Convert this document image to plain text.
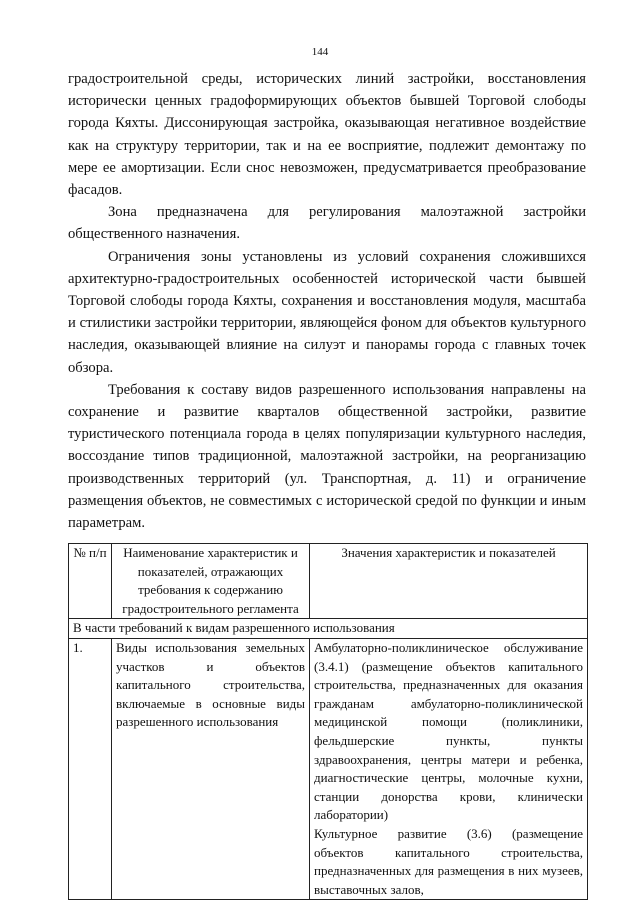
144

градостроительной среды, исторических линий застройки, восстановления исторически ценных градоформирующих объектов бывшей Торговой слободы города Кяхты. Диссонирующая застройка, оказывающая негативное воздействие как на структуру территории, так и на ее восприятие, подлежит демонтажу по мере ее амортизации. Если снос невозможен, предусматривается преобразование фасадов.

Зона предназначена для регулирования малоэтажной застройки общественного назначения.

Ограничения зоны установлены из условий сохранения сложившихся архитектурно-градостроительных особенностей исторической части бывшей Торговой слободы города Кяхты, сохранения и восстановления модуля, масштаба и стилистики застройки территории, являющейся фоном для объектов культурного наследия, оказывающей влияние на силуэт и панорамы города с главных точек обзора.

Требования к составу видов разрешенного использования направлены на сохранение и развитие кварталов общественной застройки, развитие туристического потенциала города в целях популяризации культурного наследия, воссоздание типов традиционной, малоэтажной застройки, на реорганизацию производственных территорий (ул. Транспортная, д. 11) и ограничение размещения объектов, не совместимых с исторической средой по функции и иным параметрам.

№ п/п	Наименование характеристик и показателей, отражающих требования к содержанию градостроительного регламента	Значения характеристик и показателей
В части требований к видам разрешенного использования		
1.	Виды использования земельных участков и объектов капитального строительства, включаемые в основные виды разрешенного использования	Амбулаторно-поликлиническое обслуживание (3.4.1) (размещение объектов капитального строительства, предназначенных для оказания гражданам амбулаторно-поликлинической медицинской помощи (поликлиники, фельдшерские пункты, пункты здравоохранения, центры матери и ребенка, диагностические центры, молочные кухни, станции донорства крови, клинически лаборатории)

Культурное развитие (3.6) (размещение объектов капитального строительства, предназначенных для размещения в них музеев, выставочных залов,
